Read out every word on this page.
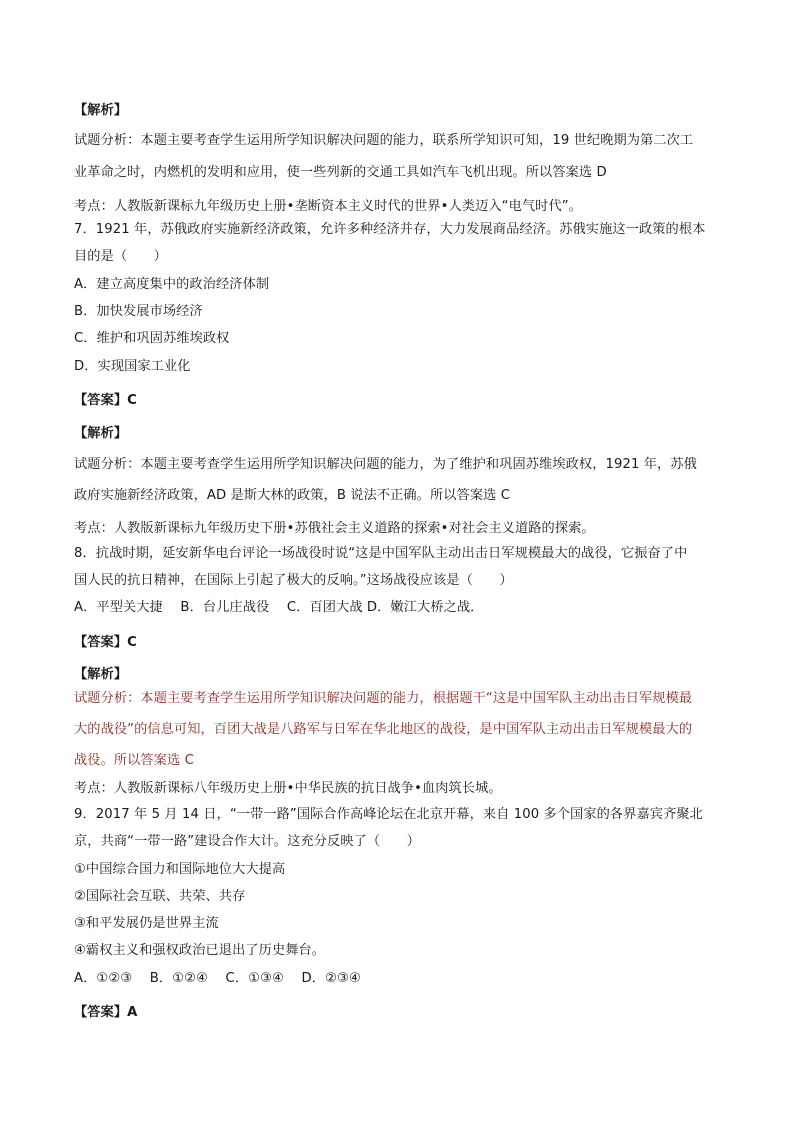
【解析】
试题分析：本题主要考查学生运用所学知识解决问题的能力，联系所学知识可知，19 世纪晚期为第二次工
业革命之时，内燃机的发明和应用，使一些列新的交通工具如汽车飞机出现。所以答案选 D
考点：人教版新课标九年级历史上册•垄断资本主义时代的世界•人类迈入“电气时代”。
7．1921 年，苏俄政府实施新经济政策，允许多种经济并存，大力发展商品经济。苏俄实施这一政策的根本
目的是（　　）
A．建立高度集中的政治经济体制
B．加快发展市场经济
C．维护和巩固苏维埃政权
D．实现国家工业化
【答案】C
【解析】
试题分析：本题主要考查学生运用所学知识解决问题的能力，为了维护和巩固苏维埃政权，1921 年，苏俄
政府实施新经济政策，AD 是斯大林的政策，B 说法不正确。所以答案选 C
考点：人教版新课标九年级历史下册•苏俄社会主义道路的探索•对社会主义道路的探索。
8．抗战时期，延安新华电台评论一场战役时说“这是中国军队主动出击日军规模最大的战役，它振奋了中
国人民的抗日精神，在国际上引起了极大的反响。”这场战役应该是（　　）
A．平型关大捷　 B．台儿庄战役　 C．百团大战 D．嫩江大桥之战．
【答案】C
【解析】
试题分析：本题主要考查学生运用所学知识解决问题的能力，根据题干“这是中国军队主动出击日军规模最
大的战役”的信息可知，百团大战是八路军与日军在华北地区的战役，是中国军队主动出击日军规模最大的
战役。所以答案选 C
考点：人教版新课标八年级历史上册•中华民族的抗日战争•血肉筑长城。
9．2017 年 5 月 14 日，“一带一路”国际合作高峰论坛在北京开幕，来自 100 多个国家的各界嘉宾齐聚北
京，共商“一带一路”建设合作大计。这充分反映了（　　）
①中国综合国力和国际地位大大提高
②国际社会互联、共荣、共存
③和平发展仍是世界主流
④霸权主义和强权政治已退出了历史舞台。
A．①②③　 B．①②④　 C．①③④　 D．②③④
【答案】A
